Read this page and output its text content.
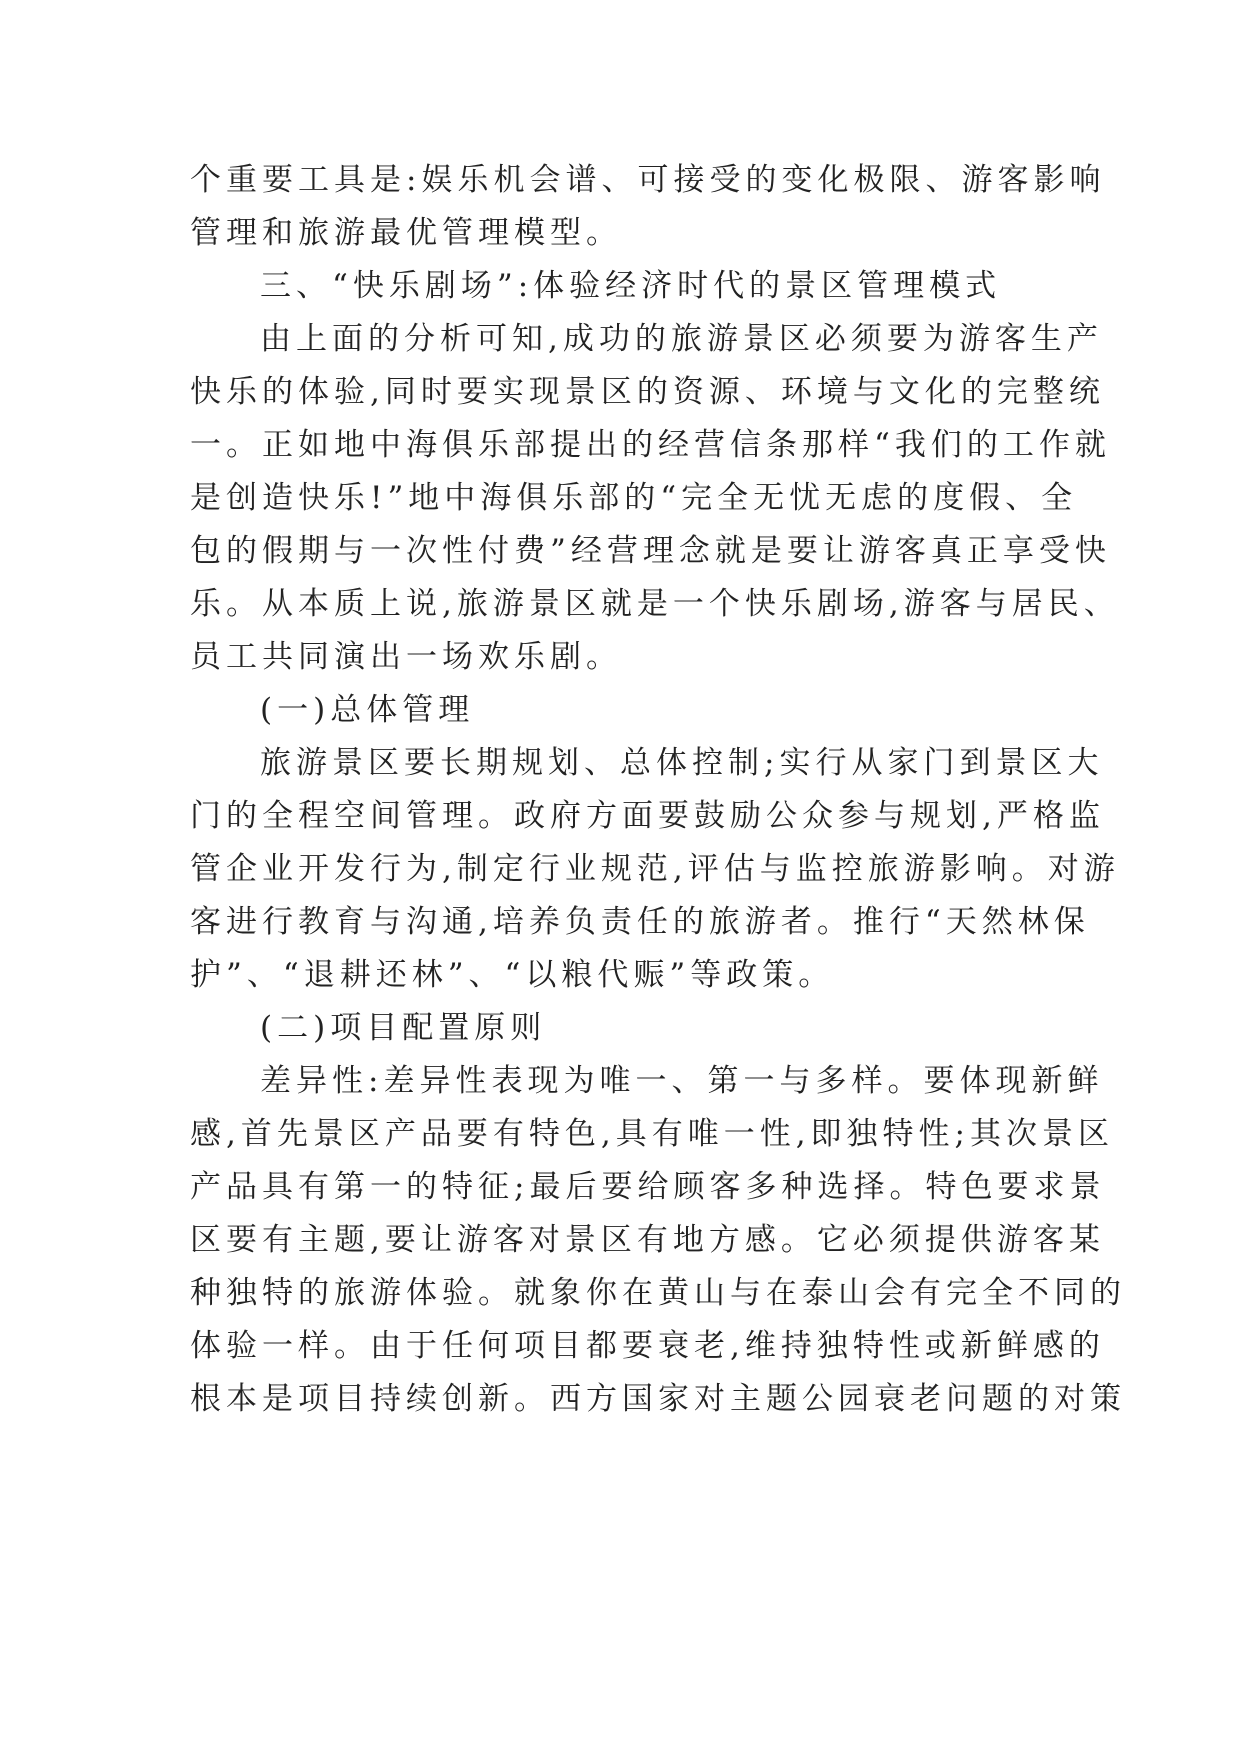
个重要工具是:娱乐机会谱、可接受的变化极限、游客影响
管理和旅游最优管理模型。
三、“快乐剧场”:体验经济时代的景区管理模式
由上面的分析可知,成功的旅游景区必须要为游客生产
快乐的体验,同时要实现景区的资源、环境与文化的完整统
一。正如地中海俱乐部提出的经营信条那样“我们的工作就
是创造快乐!”地中海俱乐部的“完全无忧无虑的度假、全
包的假期与一次性付费”经营理念就是要让游客真正享受快
乐。从本质上说,旅游景区就是一个快乐剧场,游客与居民、
员工共同演出一场欢乐剧。
(一)总体管理
旅游景区要长期规划、总体控制;实行从家门到景区大
门的全程空间管理。政府方面要鼓励公众参与规划,严格监
管企业开发行为,制定行业规范,评估与监控旅游影响。对游
客进行教育与沟通,培养负责任的旅游者。推行“天然林保
护”、“退耕还林”、“以粮代赈”等政策。
(二)项目配置原则
差异性:差异性表现为唯一、第一与多样。要体现新鲜
感,首先景区产品要有特色,具有唯一性,即独特性;其次景区
产品具有第一的特征;最后要给顾客多种选择。特色要求景
区要有主题,要让游客对景区有地方感。它必须提供游客某
种独特的旅游体验。就象你在黄山与在泰山会有完全不同的
体验一样。由于任何项目都要衰老,维持独特性或新鲜感的
根本是项目持续创新。西方国家对主题公园衰老问题的对策
